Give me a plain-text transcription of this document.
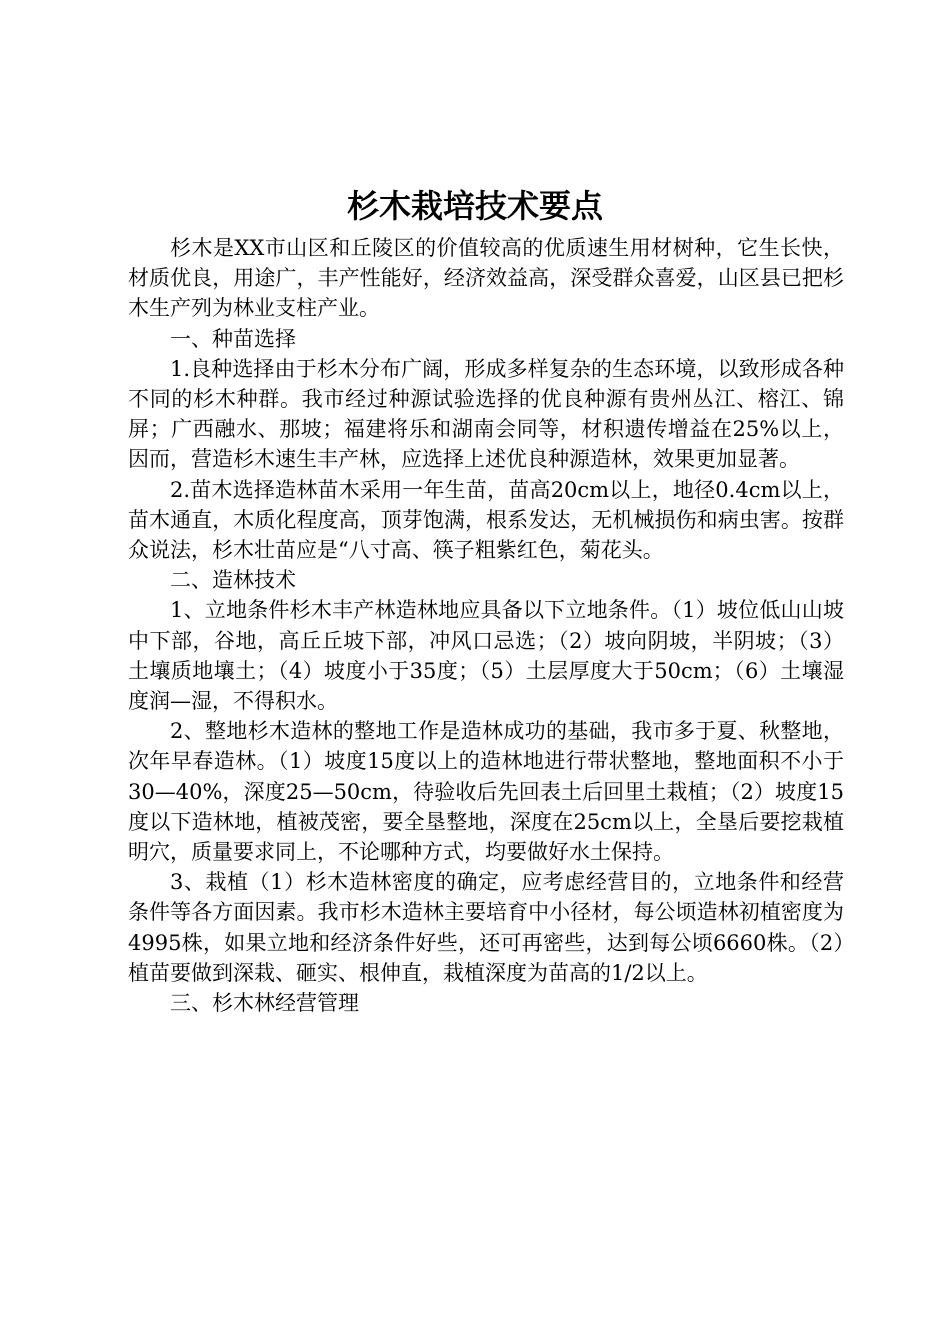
杉木栽培技术要点

杉木是XX市山区和丘陵区的价值较高的优质速生用材树种，它生长快，材质优良，用途广，丰产性能好，经济效益高，深受群众喜爱，山区县已把杉木生产列为林业支柱产业。

一、种苗选择

1.良种选择由于杉木分布广阔，形成多样复杂的生态环境，以致形成各种不同的杉木种群。我市经过种源试验选择的优良种源有贵州丛江、榕江、锦屏；广西融水、那坡；福建将乐和湖南会同等，材积遗传增益在25%以上，因而，营造杉木速生丰产林，应选择上述优良种源造林，效果更加显著。

2.苗木选择造林苗木采用一年生苗，苗高20cm以上，地径0.4cm以上，苗木通直，木质化程度高，顶芽饱满，根系发达，无机械损伤和病虫害。按群众说法，杉木壮苗应是“八寸高、筷子粗紫红色，菊花头。

二、造林技术

1、立地条件杉木丰产林造林地应具备以下立地条件。（1）坡位低山山坡中下部，谷地，高丘丘坡下部，冲风口忌选；（2）坡向阴坡，半阴坡；（3）土壤质地壤土；（4）坡度小于35度；（5）土层厚度大于50cm；（6）土壤湿度润—湿，不得积水。

2、整地杉木造林的整地工作是造林成功的基础，我市多于夏、秋整地，次年早春造林。（1）坡度15度以上的造林地进行带状整地，整地面积不小于30—40%，深度25—50cm，待验收后先回表土后回里土栽植；（2）坡度15度以下造林地，植被茂密，要全垦整地，深度在25cm以上，全垦后要挖栽植明穴，质量要求同上，不论哪种方式，均要做好水土保持。

3、栽植（1）杉木造林密度的确定，应考虑经营目的，立地条件和经营条件等各方面因素。我市杉木造林主要培育中小径材，每公顷造林初植密度为4995株，如果立地和经济条件好些，还可再密些，达到每公顷6660株。（2）植苗要做到深栽、砸实、根伸直，栽植深度为苗高的1/2以上。

三、杉木林经营管理
